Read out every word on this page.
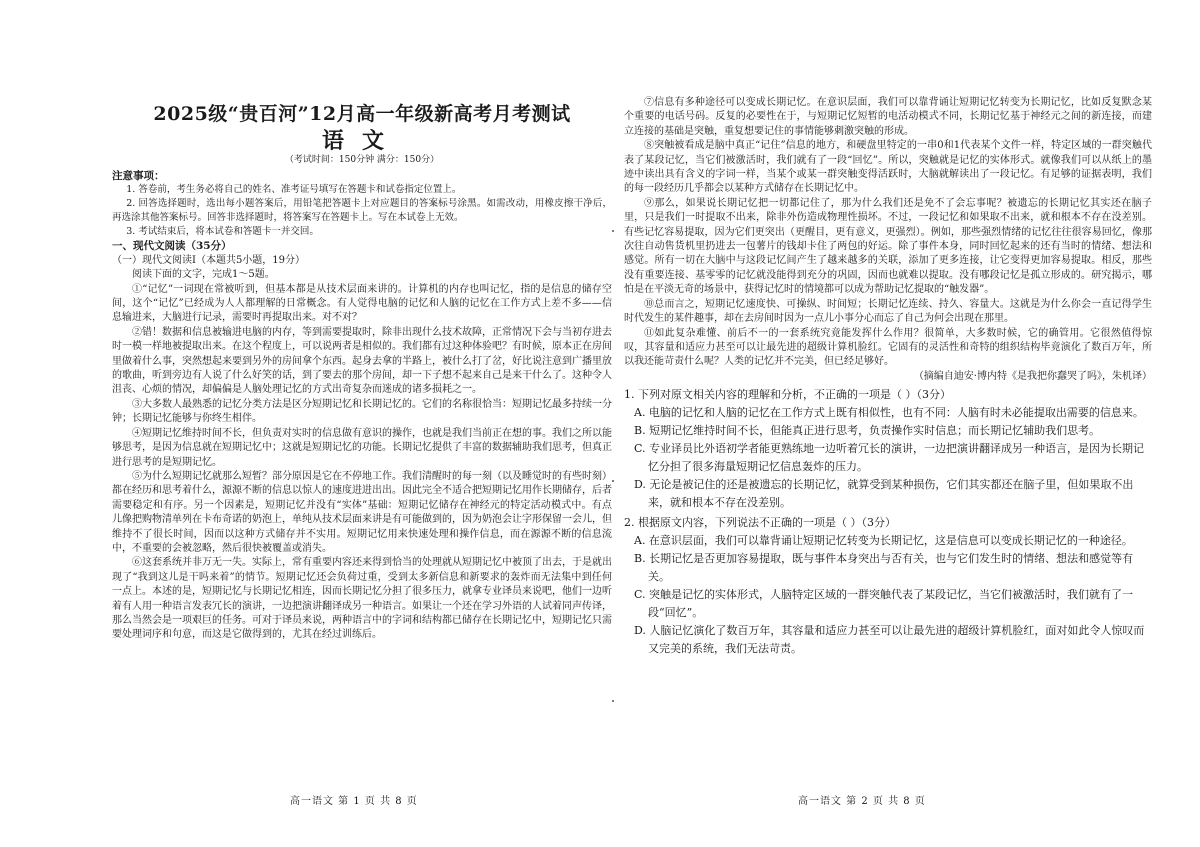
2025级“贵百河”12月高一年级新高考月考测试
语文
（考试时间：150分钟 满分：150分）
注意事项：

1. 答卷前，考生务必将自己的姓名、准考证号填写在答题卡和试卷指定位置上。

2. 回答选择题时，选出每小题答案后，用铅笔把答题卡上对应题目的答案标号涂黑。如需改动，用橡皮擦干净后，再选涂其他答案标号。回答非选择题时，将答案写在答题卡上。写在本试卷上无效。

3. 考试结束后，将本试卷和答题卡一并交回。

一、现代文阅读（35分）

（一）现代文阅读Ⅰ（本题共5小题，19分）

阅读下面的文字，完成1～5题。

①“记忆”一词现在常被听到，但基本都是从技术层面来讲的。计算机的内存也叫记忆，指的是信息的储存空间，这个“记忆”已经成为人人都理解的日常概念。有人觉得电脑的记忆和人脑的记忆在工作方式上差不多——信息输进来，大脑进行记录，需要时再提取出来。对不对？

②错！数据和信息被输进电脑的内存，等到需要提取时，除非出现什么技术故障，正常情况下会与当初存进去时一模一样地被提取出来。在这个程度上，可以说两者是相似的。我们都有过这种体验吧？有时候，原本正在房间里做着什么事，突然想起来要到另外的房间拿个东西。起身去拿的半路上，被什么打了岔，好比说注意到广播里放的歌曲，听到旁边有人说了什么好笑的话，到了要去的那个房间，却一下子想不起来自己是来干什么了。这种令人沮丧、心烦的情况，却偏偏是人脑处理记忆的方式出奇复杂而迷成的诸多损耗之一。

③大多数人最熟悉的记忆分类方法是区分短期记忆和长期记忆的。它们的名称很恰当：短期记忆最多持续一分钟；长期记忆能够与你终生相伴。

④短期记忆维持时间不长，但负责对实时的信息做有意识的操作，也就是我们当前正在想的事。我们之所以能够思考，是因为信息就在短期记忆中；这就是短期记忆的功能。长期记忆提供了丰富的数据辅助我们思考，但真正进行思考的是短期记忆。

⑤为什么短期记忆就那么短暂？部分原因是它在不停地工作。我们清醒时的每一刻（以及睡觉时的有些时刻）都在经历和思考着什么，源源不断的信息以惊人的速度进进出出。因此完全不适合把短期记忆用作长期储存，后者需要稳定和有序。另一个因素是，短期记忆并没有“实体”基础：短期记忆储存在神经元的特定活动模式中。有点儿像把购物清单列在卡布奇诺的奶泡上，单纯从技术层面来讲是有可能做到的，因为奶泡会让字形保留一会儿，但维持不了很长时间，因而以这种方式储存并不实用。短期记忆用来快速处理和操作信息，而在源源不断的信息流中，不重要的会被忽略，然后很快被覆盖或消失。

⑥这套系统并非万无一失。实际上，常有重要内容还来得到恰当的处理就从短期记忆中被顶了出去，于是就出现了“我到这儿是干吗来着”的情节。短期记忆还会负荷过重，受到太多新信息和新要求的轰炸而无法集中到任何一点上。本述的是，短期记忆与长期记忆相连，因而长期记忆分担了很多压力，就拿专业译员来说吧，他们一边听着有人用一种语言发表冗长的演讲，一边把演讲翻译成另一种语言。如果让一个还在学习外语的人试着同声传译，那么当然会是一项艰巨的任务。可对于译员来说，两种语言中的字词和结构都已储存在长期记忆中，短期记忆只需要处理词序和句意，而这是它做得到的，尤其在经过训练后。

⑦信息有多种途径可以变成长期记忆。在意识层面，我们可以靠背诵让短期记忆转变为长期记忆，比如反复默念某个重要的电话号码。反复的必要性在于，与短期记忆短暂的电活动模式不同，长期记忆基于神经元之间的新连接，而建立连接的基础是突触，重复想要记住的事情能够刺激突触的形成。

⑧突触被看成是脑中真正“记住”信息的地方，和硬盘里特定的一串0和1代表某个文件一样，特定区域的一群突触代表了某段记忆，当它们被激活时，我们就有了一段“回忆”。所以，突触就是记忆的实体形式。就像我们可以从纸上的墨迹中读出具有含义的字词一样，当某个或某一群突触变得活跃时，大脑就解读出了一段记忆。有足够的证据表明，我们的每一段经历几乎都会以某种方式储存在长期记忆中。

⑨那么，如果说长期记忆把一切都记住了，那为什么我们还是免不了会忘事呢？被遗忘的长期记忆其实还在脑子里，只是我们一时提取不出来，除非外伤造成物理性损坏。不过，一段记忆和如果取不出来，就和根本不存在没差别。有些记忆容易提取，因为它们更突出（更醒目，更有意义，更强烈）。例如，那些强烈情绪的记忆往往很容易回忆，像那次往自动售货机里扔进去一包薯片的钱却卡住了两包的好运。除了事件本身，同时回忆起来的还有当时的情绪、想法和感觉。所有一切在大脑中与这段记忆间产生了越来越多的关联，添加了更多连接，让它变得更加容易提取。相反，那些没有重要连接、基零零的记忆就没能得到充分的巩固，因而也就难以提取。没有哪段记忆是孤立形成的。研究揭示，哪怕是在平淡无奇的场景中，获得记忆时的情境都可以成为帮助记忆提取的“触发器”。

⑩总而言之，短期记忆速度快、可操纵、时间短；长期记忆连续、持久、容量大。这就是为什么你会一直记得学生时代发生的某件趣事，却在去房间时因为一点儿小事分心而忘了自己为何会出现在那里。

⑪如此复杂难懂、前后不一的一套系统究竟能发挥什么作用？很简单，大多数时候，它的确管用。它很然值得惊叹，其容量和适应力甚至可以让最先进的超级计算机脸红。它固有的灵活性和奇特的组织结构毕竟演化了数百万年，所以我还能苛责什么呢？人类的记忆并不完美，但已经足够好。

（摘编自迪安·博内特《是我把你蠢哭了吗》，朱机译）
1. 下列对原文相关内容的理解和分析，不正确的一项是（ ）（3分）
A. 电脑的记忆和人脑的记忆在工作方式上既有相似性，也有不同：人脑有时未必能提取出需要的信息来。
B. 短期记忆维持时间不长，但能真正进行思考，负责操作实时信息；而长期记忆辅助我们思考。
C. 专业译员比外语初学者能更熟练地一边听着冗长的演讲，一边把演讲翻译成另一种语言，是因为长期记忆分担了很多海量短期记忆信息轰炸的压力。
D. 无论是被记住的还是被遗忘的长期记忆，就算受到某种损伤，它们其实都还在脑子里，但如果取不出来，就和根本不存在没差别。
2. 根据原文内容，下列说法不正确的一项是（ ）（3分）
A. 在意识层面，我们可以靠背诵让短期记忆转变为长期记忆，这是信息可以变成长期记忆的一种途径。
B. 长期记忆是否更加容易提取，既与事件本身突出与否有关，也与它们发生时的情绪、想法和感觉等有关。
C. 突触是记忆的实体形式，人脑特定区域的一群突触代表了某段记忆，当它们被激活时，我们就有了一段“回忆”。
D. 人脑记忆演化了数百万年，其容量和适应力甚至可以让最先进的超级计算机脸红，面对如此令人惊叹而又完美的系统，我们无法苛责。
高一语文 第 1 页 共 8 页	高一语文 第 2 页 共 8 页
